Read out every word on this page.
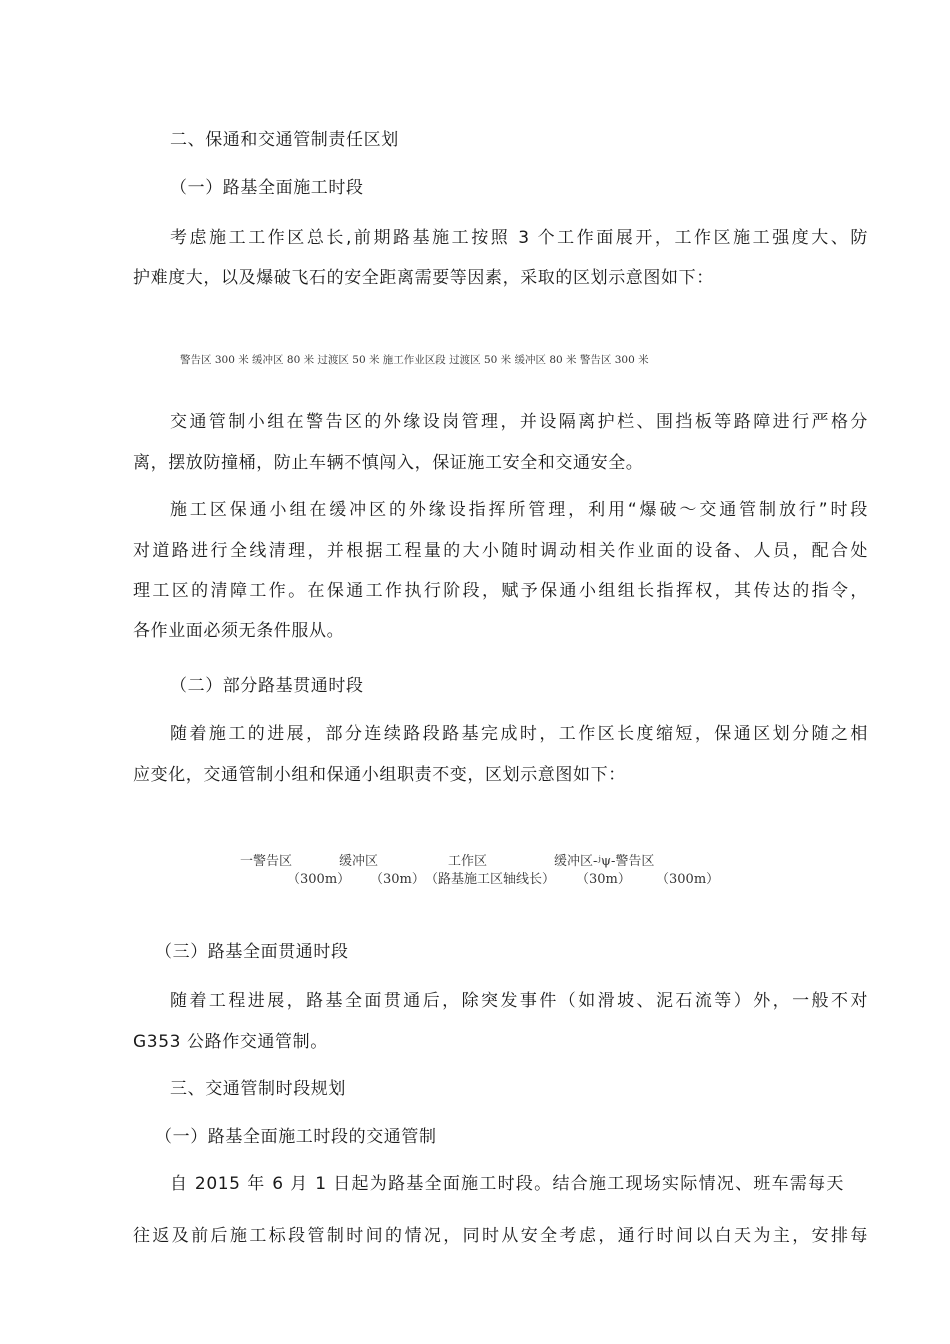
二、保通和交通管制责任区划
（一）路基全面施工时段
考虑施工工作区总长,前期路基施工按照 3 个工作面展开，工作区施工强度大、防
护难度大，以及爆破飞石的安全距离需要等因素，采取的区划示意图如下：
警告区 300 米 缓冲区 80 米 过渡区 50 米 施工作业区段 过渡区 50 米 缓冲区 80 米 警告区 300 米
交通管制小组在警告区的外缘设岗管理，并设隔离护栏、围挡板等路障进行严格分
离，摆放防撞桶，防止车辆不慎闯入，保证施工安全和交通安全。
施工区保通小组在缓冲区的外缘设指挥所管理，利用“爆破～交通管制放行”时段
对道路进行全线清理，并根据工程量的大小随时调动相关作业面的设备、人员，配合处
理工区的清障工作。在保通工作执行阶段，赋予保通小组组长指挥权，其传达的指令，
各作业面必须无条件服从。
（二）部分路基贯通时段
随着施工的进展，部分连续路段路基完成时，工作区长度缩短，保通区划分随之相
应变化，交通管制小组和保通小组职责不变，区划示意图如下：
一警告区	缓冲区	工作区	缓冲区-ʲψ-警告区
（300m） （30m） （路基施工区轴线长） （30m） （300m）
（三）路基全面贯通时段
随着工程进展，路基全面贯通后，除突发事件（如滑坡、泥石流等）外，一般不对
G353 公路作交通管制。
三、交通管制时段规划
（一）路基全面施工时段的交通管制
自 2015 年 6 月 1 日起为路基全面施工时段。结合施工现场实际情况、班车需每天
往返及前后施工标段管制时间的情况，同时从安全考虑，通行时间以白天为主，安排每
